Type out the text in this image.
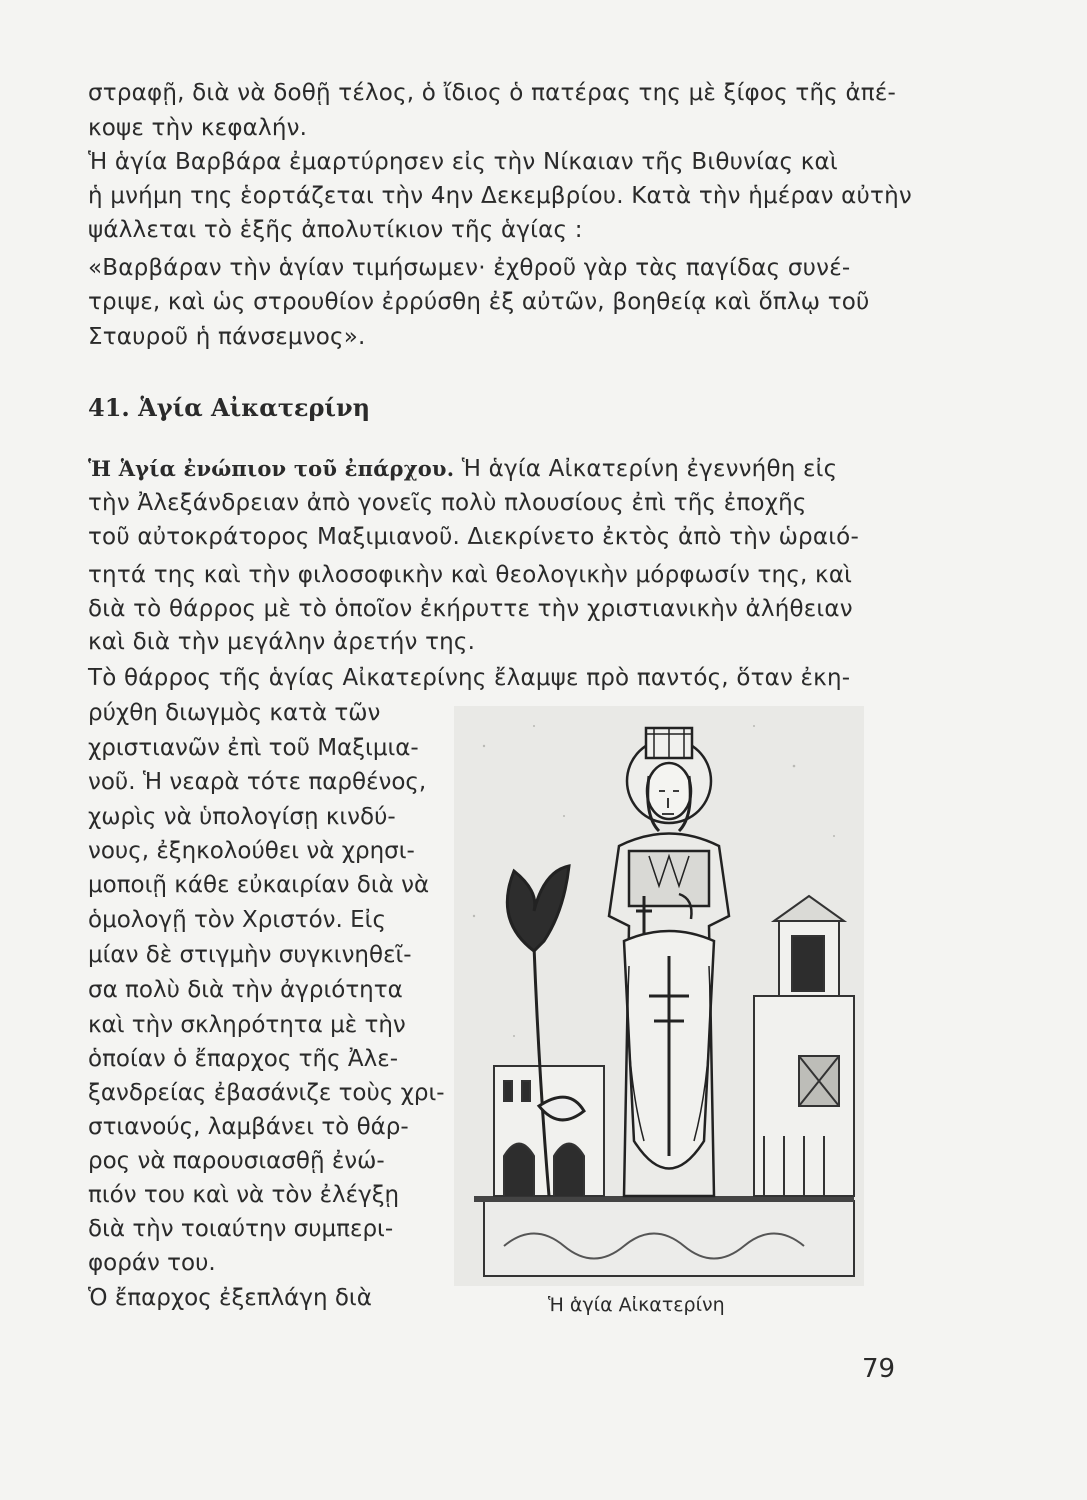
στραφῇ, διὰ νὰ δοθῇ τέλος, ὁ ἴδιος ὁ πατέρας της μὲ ξίφος τῆς ἀπέ-
κοψε τὴν κεφαλήν.
Ἡ ἁγία Βαρβάρα ἐμαρτύρησεν εἰς τὴν Νίκαιαν τῆς Βιθυνίας καὶ
ἡ μνήμη της ἑορτάζεται τὴν 4ην Δεκεμβρίου. Κατὰ τὴν ἡμέραν αὐτὴν
ψάλλεται τὸ ἑξῆς ἀπολυτίκιον τῆς ἁγίας :
«Βαρβάραν τὴν ἁγίαν τιμήσωμεν· ἐχθροῦ γὰρ τὰς παγίδας συνέ-
τριψε, καὶ ὡς στρουθίον ἐρρύσθη ἐξ αὐτῶν, βοηθείᾳ καὶ ὅπλῳ τοῦ
Σταυροῦ ἡ πάνσεμνος».
41. Ἁγία Αἰκατερίνη
Ἡ Ἁγία ἐνώπιον τοῦ ἐπάρχου. Ἡ ἁγία Αἰκατερίνη ἐγεννήθη εἰς
τὴν Ἀλεξάνδρειαν ἀπὸ γονεῖς πολὺ πλουσίους ἐπὶ τῆς ἐποχῆς
τοῦ αὐτοκράτορος Μαξιμιανοῦ. Διεκρίνετο ἐκτὸς ἀπὸ τὴν ὡραιό-
τητά της καὶ τὴν φιλοσοφικὴν καὶ θεολογικὴν μόρφωσίν της, καὶ
διὰ τὸ θάρρος μὲ τὸ ὁποῖον ἐκήρυττε τὴν χριστιανικὴν ἀλήθειαν
καὶ διὰ τὴν μεγάλην ἀρετήν της.
Τὸ θάρρος τῆς ἁγίας Αἰκατερίνης ἔλαμψε πρὸ παντός, ὅταν ἐκη-
ρύχθη διωγμὸς κατὰ τῶν
χριστιανῶν ἐπὶ τοῦ Μαξιμια-
νοῦ. Ἡ νεαρὰ τότε παρθένος,
χωρὶς νὰ ὑπολογίσῃ κινδύ-
νους, ἐξηκολούθει νὰ χρησι-
μοποιῇ κάθε εὐκαιρίαν διὰ νὰ
ὁμολογῇ τὸν Χριστόν. Εἰς
μίαν δὲ στιγμὴν συγκινηθεῖ-
σα πολὺ διὰ τὴν ἀγριότητα
καὶ τὴν σκληρότητα μὲ τὴν
ὁποίαν ὁ ἔπαρχος τῆς Ἀλε-
ξανδρείας ἐβασάνιζε τοὺς χρι-
στιανούς, λαμβάνει τὸ θάρ-
ρος νὰ παρουσιασθῇ ἐνώ-
πιόν του καὶ νὰ τὸν ἐλέγξῃ
διὰ τὴν τοιαύτην συμπερι-
φοράν του.
Ὁ ἔπαρχος ἐξεπλάγη διὰ	Ἡ ἁγία Αἰκατερίνη
79
